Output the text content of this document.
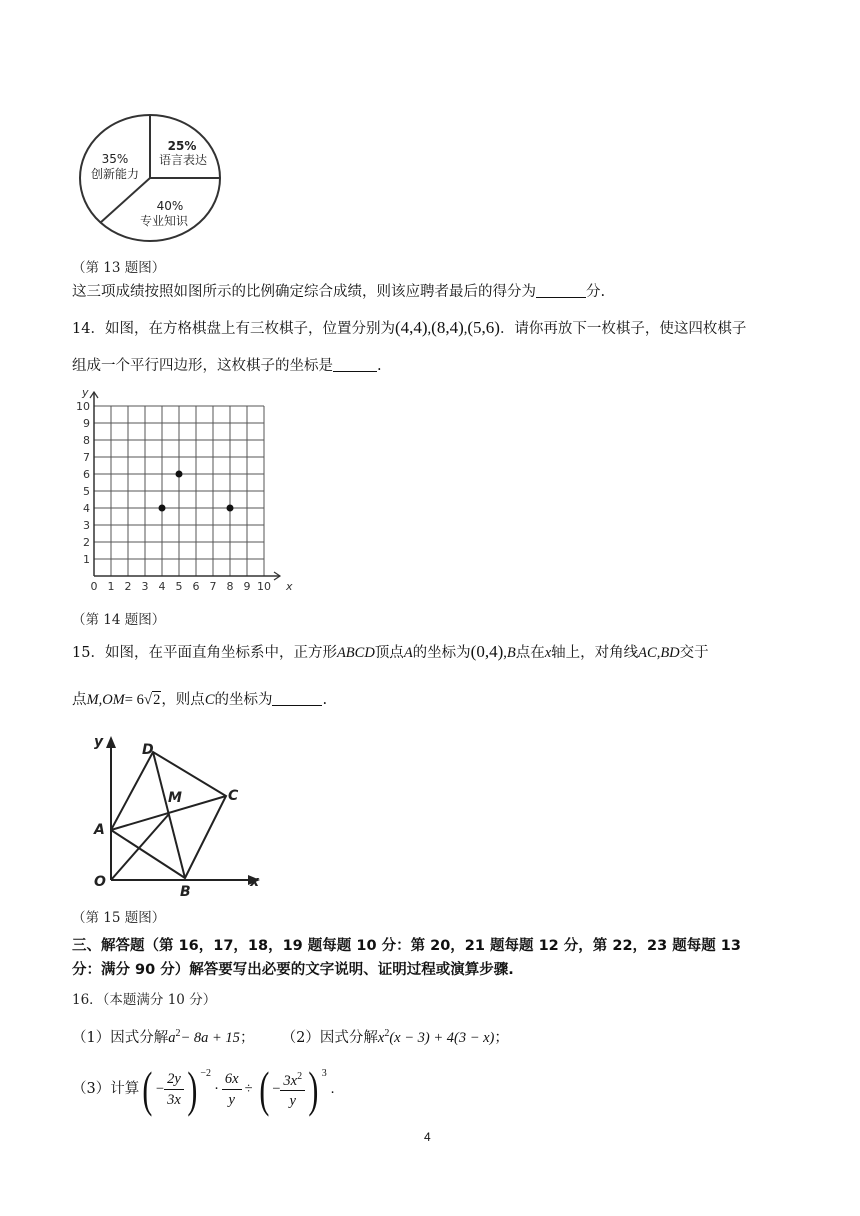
25%
语言表达
40%
专业知识
35%
创新能力
（第 13 题图）
这三项成绩按照如图所示的比例确定综合成绩，则该应聘者最后的得分为	分.
14．如图，在方格棋盘上有三枚棋子，位置分别为(4,4),(8,4),(5,6)．请你再放下一枚棋子，使这四枚棋子
组成一个平行四边形，这枚棋子的坐标是	.
0 1 2 3 4 5 6 7 8 9 10
1
2
3
4
5
6
7
8
9
10
x
y
（第 14 题图）
15．如图，在平面直角坐标系中，正方形ABCD顶点A的坐标为(0,4),B点在x轴上，对角线AC,BD交于
点M,OM= 6√2，则点C的坐标为	.
y
x
O
A
B
C
D
M
（第 15 题图）
三、解答题（第 16，17，18，19 题每题 10 分：第 20，21 题每题 12 分，第 22，23 题每题 13
分：满分 90 分）解答要写出必要的文字说明、证明过程或演算步骤.
16．（本题满分 10 分）
（1）因式分解$a^2- 8a + 15$； （2）因式分解$x^2(x - 3) + 4(3 - x)$；
（3）计算 ( − $\frac{2y}{3x}$ ) $^{-2}$
· $\frac{6x}{y}$ ÷ ( − $\frac{3x^2}{y}$ ) $^3$
.
4
